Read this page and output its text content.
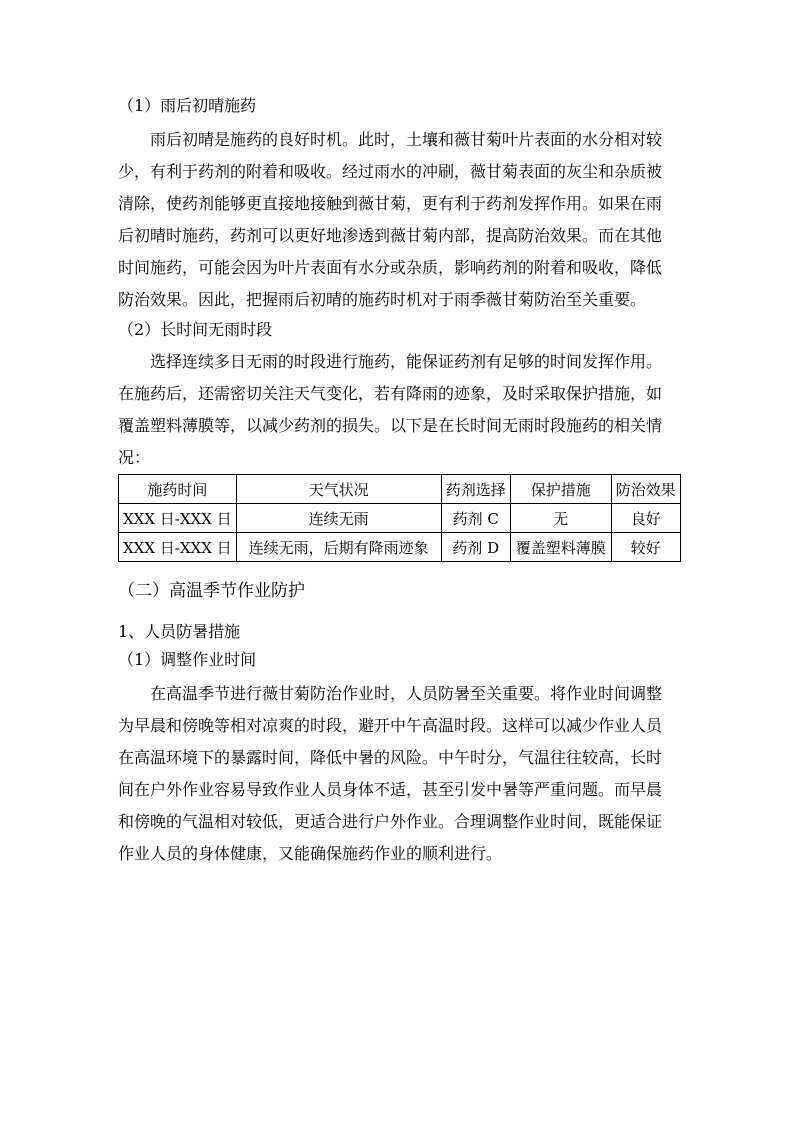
（1）雨后初晴施药
雨后初晴是施药的良好时机。此时，土壤和薇甘菊叶片表面的水分相对较
少，有利于药剂的附着和吸收。经过雨水的冲刷，薇甘菊表面的灰尘和杂质被
清除，使药剂能够更直接地接触到薇甘菊，更有利于药剂发挥作用。如果在雨
后初晴时施药，药剂可以更好地渗透到薇甘菊内部，提高防治效果。而在其他
时间施药，可能会因为叶片表面有水分或杂质，影响药剂的附着和吸收，降低
防治效果。因此，把握雨后初晴的施药时机对于雨季薇甘菊防治至关重要。
（2）长时间无雨时段
选择连续多日无雨的时段进行施药，能保证药剂有足够的时间发挥作用。
在施药后，还需密切关注天气变化，若有降雨的迹象，及时采取保护措施，如
覆盖塑料薄膜等，以减少药剂的损失。以下是在长时间无雨时段施药的相关情
况：
施药时间	天气状况	药剂选择	保护措施	防治效果
XXX 日-XXX 日	连续无雨	药剂 C	无	良好
XXX 日-XXX 日	连续无雨，后期有降雨迹象	药剂 D	覆盖塑料薄膜	较好
（二）高温季节作业防护
1、人员防暑措施
（1）调整作业时间
在高温季节进行薇甘菊防治作业时，人员防暑至关重要。将作业时间调整
为早晨和傍晚等相对凉爽的时段，避开中午高温时段。这样可以减少作业人员
在高温环境下的暴露时间，降低中暑的风险。中午时分，气温往往较高，长时
间在户外作业容易导致作业人员身体不适，甚至引发中暑等严重问题。而早晨
和傍晚的气温相对较低，更适合进行户外作业。合理调整作业时间，既能保证
作业人员的身体健康，又能确保施药作业的顺利进行。
